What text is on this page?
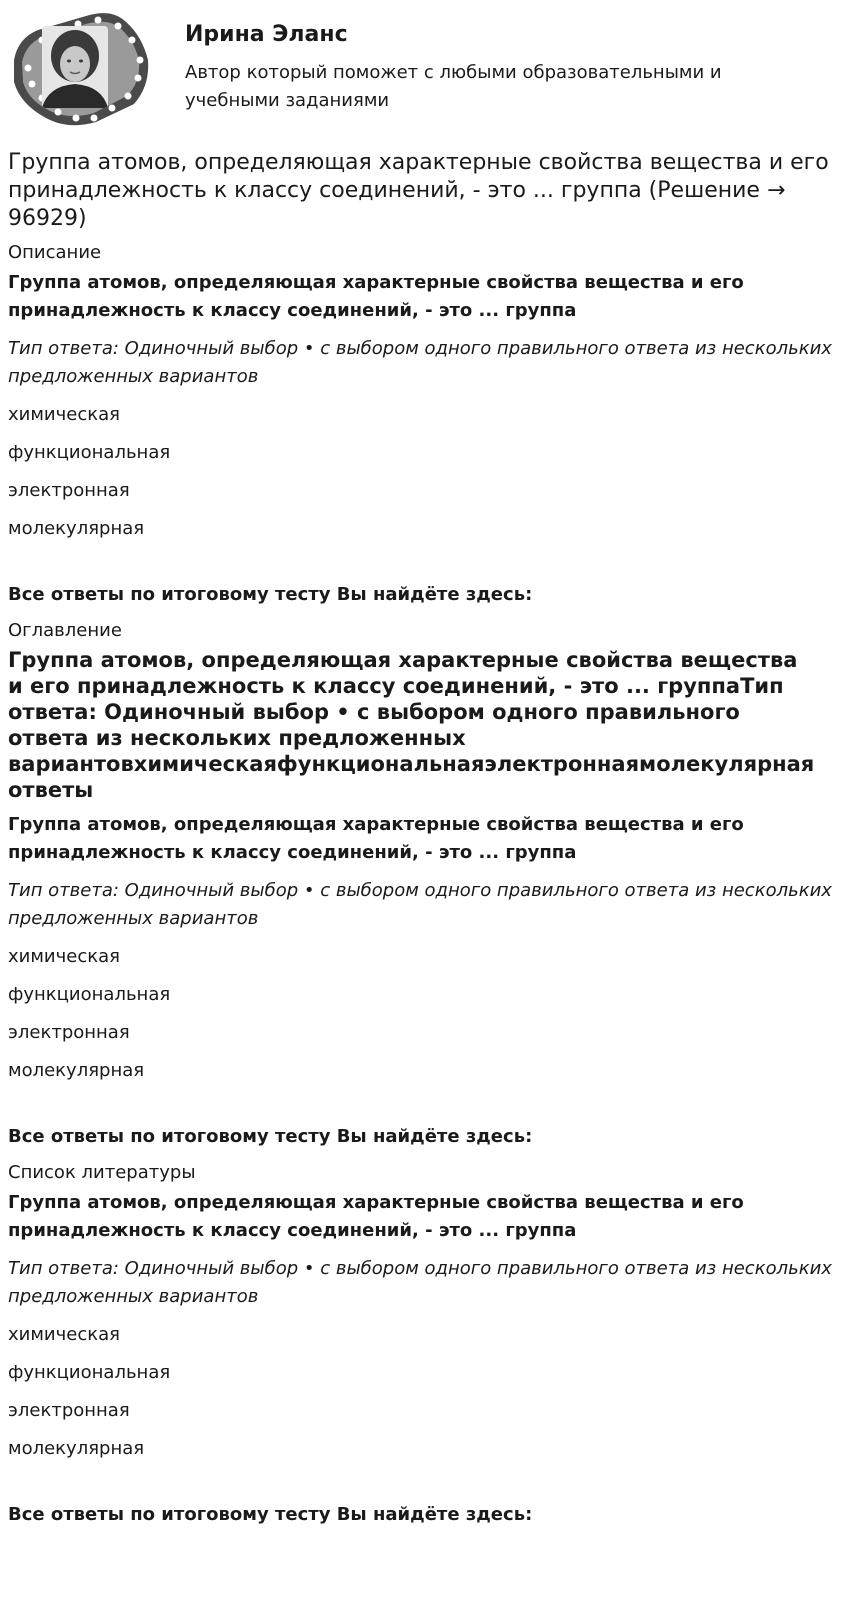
Ирина Эланс
Автор который поможет с любыми образовательными и учебными заданиями
Группа атомов, определяющая характерные свойства вещества и его принадлежность к классу соединений, - это ... группа (Решение → 96929)
Описание
Группа атомов, определяющая характерные свойства вещества и его принадлежность к классу соединений, - это ... группа
Тип ответа: Одиночный выбор • с выбором одного правильного ответа из нескольких предложенных вариантов
химическая
функциональная
электронная
молекулярная
Все ответы по итоговому тесту Вы найдёте здесь:
Оглавление
Группа атомов, определяющая характерные свойства вещества
и его принадлежность к классу соединений, - это ... группаТип
ответа: Одиночный выбор • с выбором одного правильного
ответа из нескольких предложенных
вариантовхимическаяфункциональнаяэлектроннаямолекулярная
ответы
Группа атомов, определяющая характерные свойства вещества и его принадлежность к классу соединений, - это ... группа
Тип ответа: Одиночный выбор • с выбором одного правильного ответа из нескольких предложенных вариантов
химическая
функциональная
электронная
молекулярная
Все ответы по итоговому тесту Вы найдёте здесь:
Список литературы
Группа атомов, определяющая характерные свойства вещества и его принадлежность к классу соединений, - это ... группа
Тип ответа: Одиночный выбор • с выбором одного правильного ответа из нескольких предложенных вариантов
химическая
функциональная
электронная
молекулярная
Все ответы по итоговому тесту Вы найдёте здесь:
